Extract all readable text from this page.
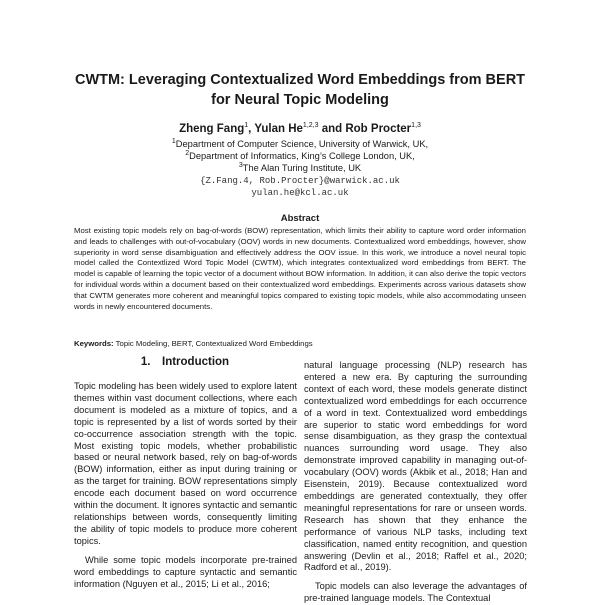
CWTM: Leveraging Contextualized Word Embeddings from BERT
for Neural Topic Modeling
Zheng Fang$^1$, Yulan He$^{1,2,3}$ and Rob Procter$^{1,3}$
$^1$Department of Computer Science, University of Warwick, UK,
$^2$Department of Informatics, King’s College London, UK,
$^3$The Alan Turing Institute, UK
{Z.Fang.4, Rob.Procter}@warwick.ac.uk
yulan.he@kcl.ac.uk
Abstract
Most existing topic models rely on bag-of-words (BOW) representation, which limits their ability to capture word order information and leads to challenges with out-of-vocabulary (OOV) words in new documents. Contextualized word embeddings, however, show superiority in word sense disambiguation and effectively address the OOV issue. In this work, we introduce a novel neural topic model called the Contextlized Word Topic Model (CWTM), which integrates contextualized word embeddings from BERT. The model is capable of learning the topic vector of a document without BOW information. In addition, it can also derive the topic vectors for individual words within a document based on their contextualized word embeddings. Experiments across various datasets show that CWTM generates more coherent and meaningful topics compared to existing topic models, while also accommodating unseen words in newly encountered documents.
Keywords: Topic Modeling, BERT, Contextualized Word Embeddings
1. Introduction

Topic modeling has been widely used to explore latent themes within vast document collections, where each document is modeled as a mixture of topics, and a topic is represented by a list of words sorted by their co-occurrence association strength with the topic. Most existing topic models, whether probabilistic based or neural network based, rely on bag-of-words (BOW) information, either as input during training or as the target for training. BOW representations simply encode each document based on word occurrence within the document. It ignores syntactic and semantic relationships between words, consequently limiting the ability of topic models to produce more coherent topics.

While some topic models incorporate pre-trained word embeddings to capture syntactic and semantic information (Nguyen et al., 2015; Li et al., 2016;

natural language processing (NLP) research has entered a new era. By capturing the surrounding context of each word, these models generate distinct contextualized word embeddings for each occurrence of a word in text. Contextualized word embeddings are superior to static word embeddings for word sense disambiguation, as they grasp the contextual nuances surrounding word usage. They also demonstrate improved capability in managing out-of-vocabulary (OOV) words (Akbik et al., 2018; Han and Eisenstein, 2019). Because contextualized word embeddings are generated contextually, they offer meaningful representations for rare or unseen words. Research has shown that they enhance the performance of various NLP tasks, including text classification, named entity recognition, and question answering (Devlin et al., 2018; Raffel et al., 2020; Radford et al., 2019).

Topic models can also leverage the advantages of pre-trained language models. The Contextual
